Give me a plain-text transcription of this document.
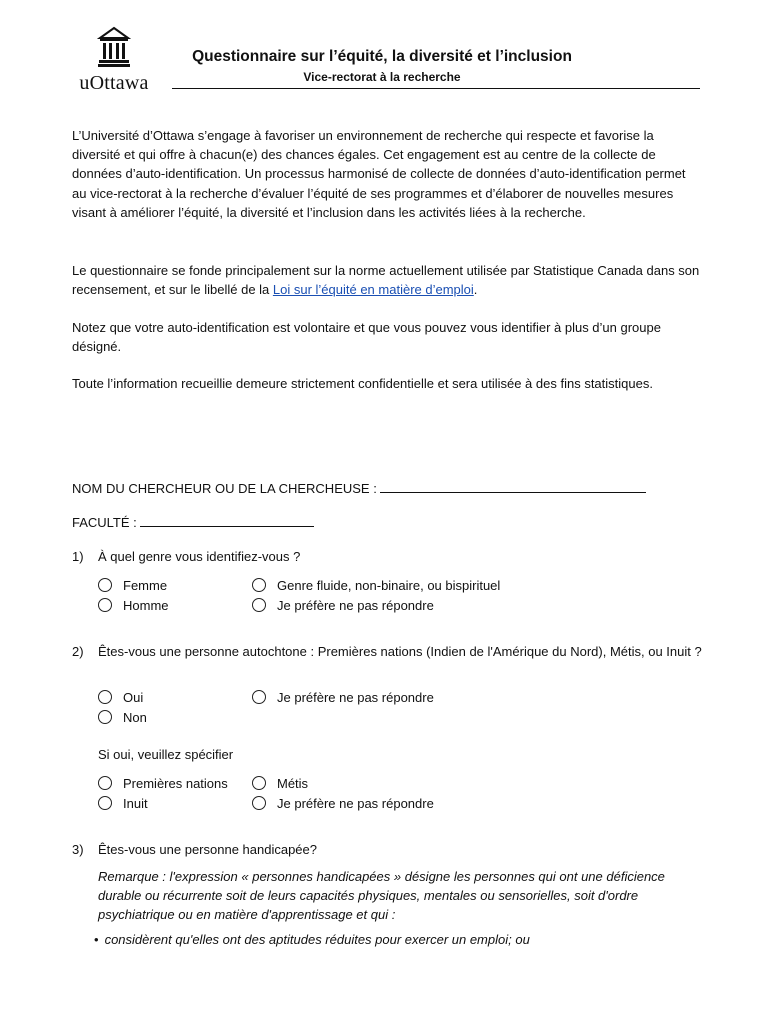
uOttawa
Questionnaire sur l’équité, la diversité et l’inclusion
Vice-rectorat à la recherche
L’Université d’Ottawa s’engage à favoriser un environnement de recherche qui respecte et favorise la diversité et qui offre à chacun(e) des chances égales. Cet engagement est au centre de la collecte de données d’auto-identification. Un processus harmonisé de collecte de données d’auto-identification permet au vice-rectorat à la recherche d’évaluer l’équité de ses programmes et d’élaborer de nouvelles mesures visant à améliorer l’équité, la diversité et l’inclusion dans les activités liées à la recherche.
Le questionnaire se fonde principalement sur la norme actuellement utilisée par Statistique Canada dans son recensement, et sur le libellé de la Loi sur l’équité en matière d’emploi.
Notez que votre auto-identification est volontaire et que vous pouvez vous identifier à plus d’un groupe désigné.
Toute l’information recueillie demeure strictement confidentielle et sera utilisée à des fins statistiques.
NOM DU CHERCHEUR OU DE LA CHERCHEUSE :
FACULTÉ :
1) À quel genre vous identifiez-vous ?
Femme
Homme
Genre fluide, non-binaire, ou bispirituel
Je préfère ne pas répondre
2) Êtes-vous une personne autochtone : Premières nations (Indien de l'Amérique du Nord), Métis, ou Inuit ?
Oui
Non
Je préfère ne pas répondre
Si oui, veuillez spécifier
Premières nations
Inuit
Métis
Je préfère ne pas répondre
3) Êtes-vous une personne handicapée?
Remarque : l'expression « personnes handicapées » désigne les personnes qui ont une déficience durable ou récurrente soit de leurs capacités physiques, mentales ou sensorielles, soit d'ordre psychiatrique ou en matière d'apprentissage et qui :
• considèrent qu'elles ont des aptitudes réduites pour exercer un emploi; ou
